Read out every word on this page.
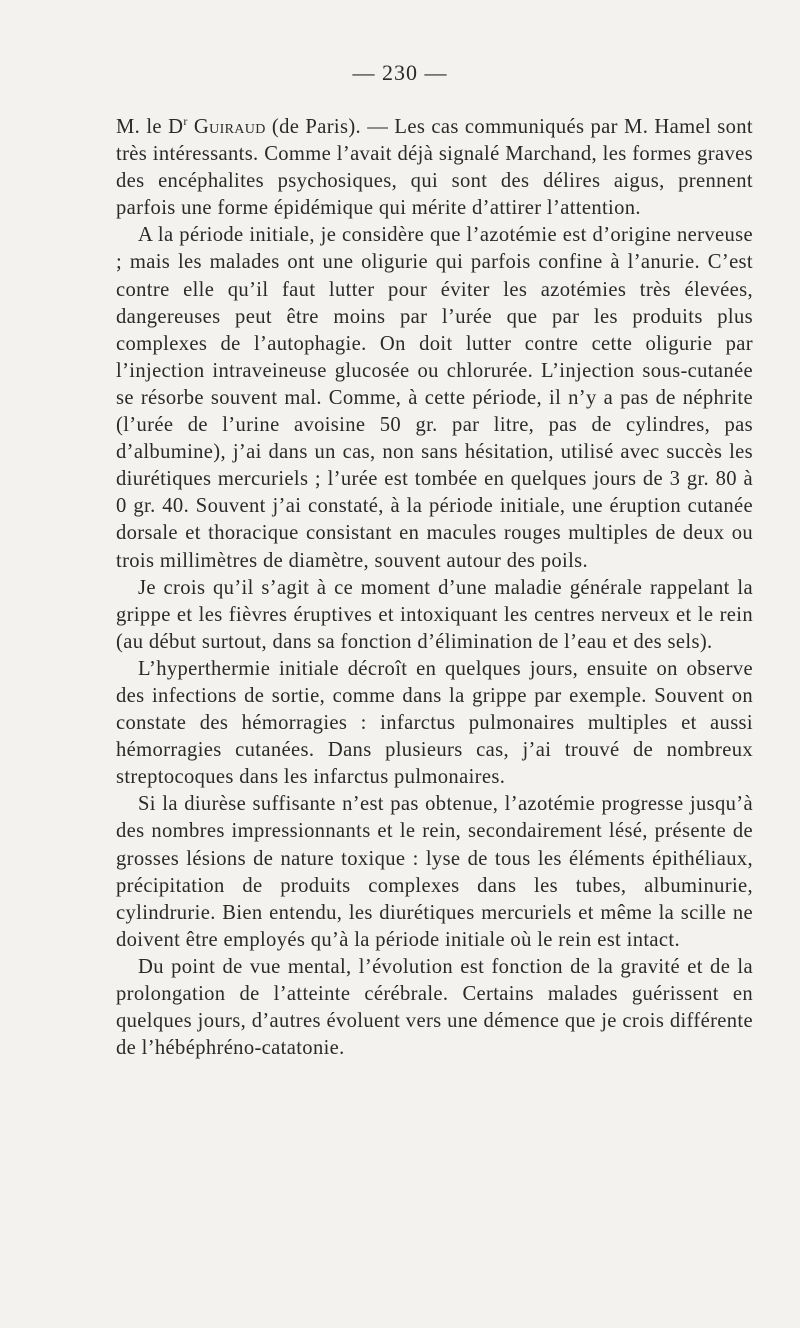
— 230 —

M. le $D^r$ Guiraud (de Paris). — Les cas communiqués par M. Hamel sont très intéressants. Comme l’avait déjà signalé Marchand, les formes graves des encéphalites psychosiques, qui sont des délires aigus, prennent parfois une forme épidémique qui mérite d’attirer l’attention.

A la période initiale, je considère que l’azotémie est d’origine nerveuse ; mais les malades ont une oligurie qui parfois confine à l’anurie. C’est contre elle qu’il faut lutter pour éviter les azotémies très élevées, dangereuses peut être moins par l’urée que par les produits plus complexes de l’autophagie. On doit lutter contre cette oligurie par l’injection intraveineuse glucosée ou chlorurée. L’injection sous-cutanée se résorbe souvent mal. Comme, à cette période, il n’y a pas de néphrite (l’urée de l’urine avoisine 50 gr. par litre, pas de cylindres, pas d’albumine), j’ai dans un cas, non sans hésitation, utilisé avec succès les diurétiques mercuriels ; l’urée est tombée en quelques jours de 3 gr. 80 à 0 gr. 40. Souvent j’ai constaté, à la période initiale, une éruption cutanée dorsale et thoracique consistant en macules rouges multiples de deux ou trois millimètres de diamètre, souvent autour des poils.

Je crois qu’il s’agit à ce moment d’une maladie générale rappelant la grippe et les fièvres éruptives et intoxiquant les centres nerveux et le rein (au début surtout, dans sa fonction d’élimination de l’eau et des sels).

L’hyperthermie initiale décroît en quelques jours, ensuite on observe des infections de sortie, comme dans la grippe par exemple. Souvent on constate des hémorragies : infarctus pulmonaires multiples et aussi hémorragies cutanées. Dans plusieurs cas, j’ai trouvé de nombreux streptocoques dans les infarctus pulmonaires.

Si la diurèse suffisante n’est pas obtenue, l’azotémie progresse jusqu’à des nombres impressionnants et le rein, secondairement lésé, présente de grosses lésions de nature toxique : lyse de tous les éléments épithéliaux, précipitation de produits complexes dans les tubes, albuminurie, cylindrurie. Bien entendu, les diurétiques mercuriels et même la scille ne doivent être employés qu’à la période initiale où le rein est intact.

Du point de vue mental, l’évolution est fonction de la gravité et de la prolongation de l’atteinte cérébrale. Certains malades guérissent en quelques jours, d’autres évoluent vers une démence que je crois différente de l’hébéphréno-catatonie.
